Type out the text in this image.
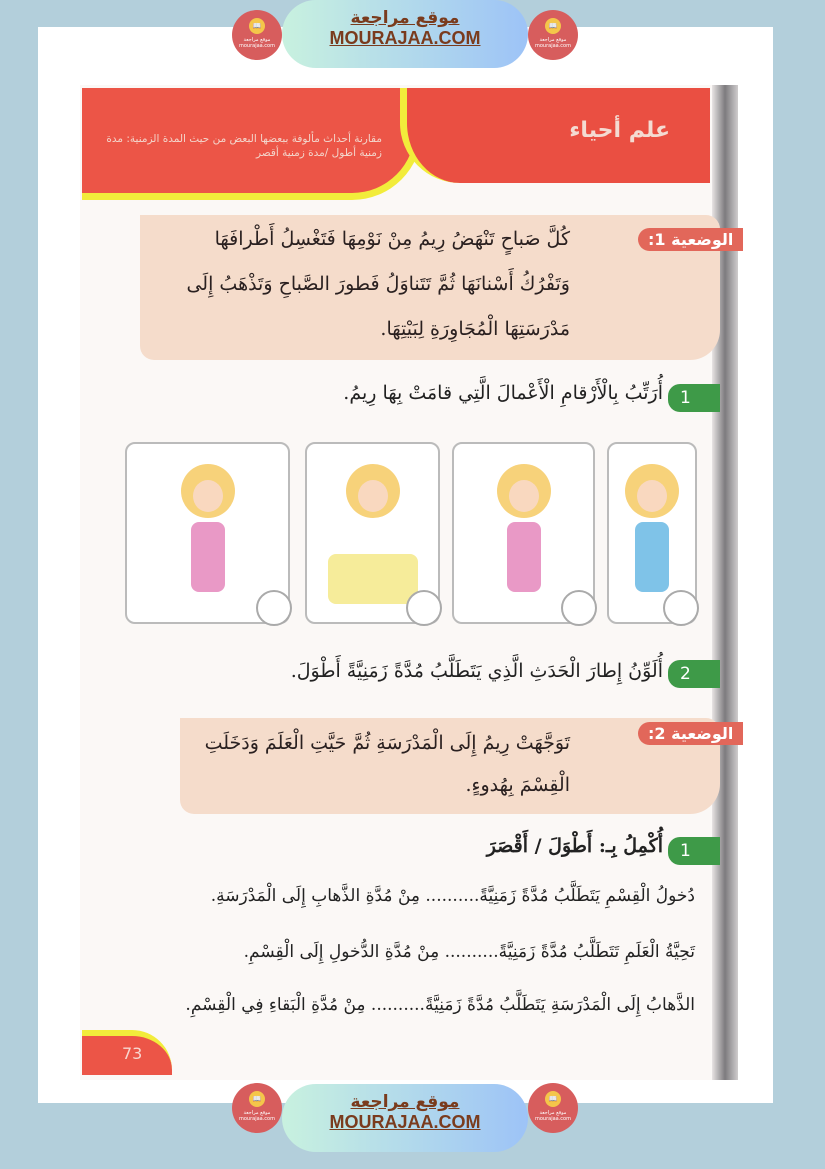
📖
موقع مراجعة mourajaa.com
📖
موقع مراجعة mourajaa.com
موقع مراجعة
MOURAJAA.COM
علم أحياء
مقارنة أحداث مألوفة ببعضها البعض من حيث المدة الزمنية: مدة زمنية أطول /مدة زمنية أقصر
كُلَّ صَباحٍ تَنْهَضُ رِيمُ مِنْ نَوْمِهَا فَتَغْسِلُ أَطْرافَهَا وَتَفْرُكُ أَسْنانَهَا ثُمَّ تَتَناوَلُ فَطورَ الصَّباحِ وَتَذْهَبُ إِلَى مَدْرَسَتِهَا الْمُجَاوِرَةِ لِبَيْتِهَا.
الوضعية 1:
1
أُرَتِّبُ بِالْأَرْقامِ الْأَعْمالَ الَّتِي قامَتْ بِهَا رِيمُ.
2
أُلَوِّنُ إِطارَ الْحَدَثِ الَّذِي يَتَطَلَّبُ مُدَّةً زَمَنِيَّةً أَطْوَلَ.
تَوَجَّهَتْ رِيمُ إِلَى الْمَدْرَسَةِ ثُمَّ حَيَّتِ الْعَلَمَ وَدَخَلَتِ الْقِسْمَ بِهُدوءٍ.
الوضعية 2:
1
أُكْمِلُ بِـ: أَطْوَلَ / أَقْصَرَ
دُخولُ الْقِسْمِ يَتَطَلَّبُ مُدَّةً زَمَنِيَّةً.......... مِنْ مُدَّةِ الذَّهابِ إِلَى الْمَدْرَسَةِ.
تَحِيَّةُ الْعَلَمِ تَتَطَلَّبُ مُدَّةً زَمَنِيَّةً.......... مِنْ مُدَّةِ الدُّخولِ إِلَى الْقِسْمِ.
الذَّهابُ إِلَى الْمَدْرَسَةِ يَتَطَلَّبُ مُدَّةً زَمَنِيَّةً.......... مِنْ مُدَّةِ الْبَقاءِ فِي الْقِسْمِ.
73
📖
موقع مراجعة mourajaa.com
📖
موقع مراجعة mourajaa.com
موقع مراجعة
MOURAJAA.COM
